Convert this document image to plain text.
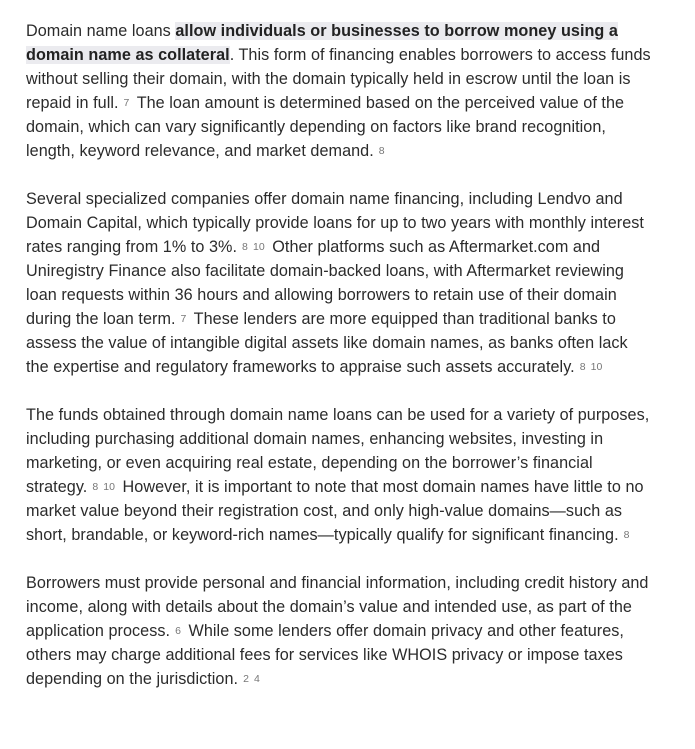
Domain name loans allow individuals or businesses to borrow money using a domain name as collateral. This form of financing enables borrowers to access funds without selling their domain, with the domain typically held in escrow until the loan is repaid in full. 7 The loan amount is determined based on the perceived value of the domain, which can vary significantly depending on factors like brand recognition, length, keyword relevance, and market demand. 8

Several specialized companies offer domain name financing, including Lendvo and Domain Capital, which typically provide loans for up to two years with monthly interest rates ranging from 1% to 3%. 8 10 Other platforms such as Aftermarket.com and Uniregistry Finance also facilitate domain-backed loans, with Aftermarket reviewing loan requests within 36 hours and allowing borrowers to retain use of their domain during the loan term. 7 These lenders are more equipped than traditional banks to assess the value of intangible digital assets like domain names, as banks often lack the expertise and regulatory frameworks to appraise such assets accurately. 8 10

The funds obtained through domain name loans can be used for a variety of purposes, including purchasing additional domain names, enhancing websites, investing in marketing, or even acquiring real estate, depending on the borrower’s financial strategy. 8 10 However, it is important to note that most domain names have little to no market value beyond their registration cost, and only high-value domains—such as short, brandable, or keyword-rich names—typically qualify for significant financing. 8

Borrowers must provide personal and financial information, including credit history and income, along with details about the domain’s value and intended use, as part of the application process. 6 While some lenders offer domain privacy and other features, others may charge additional fees for services like WHOIS privacy or impose taxes depending on the jurisdiction. 2 4
